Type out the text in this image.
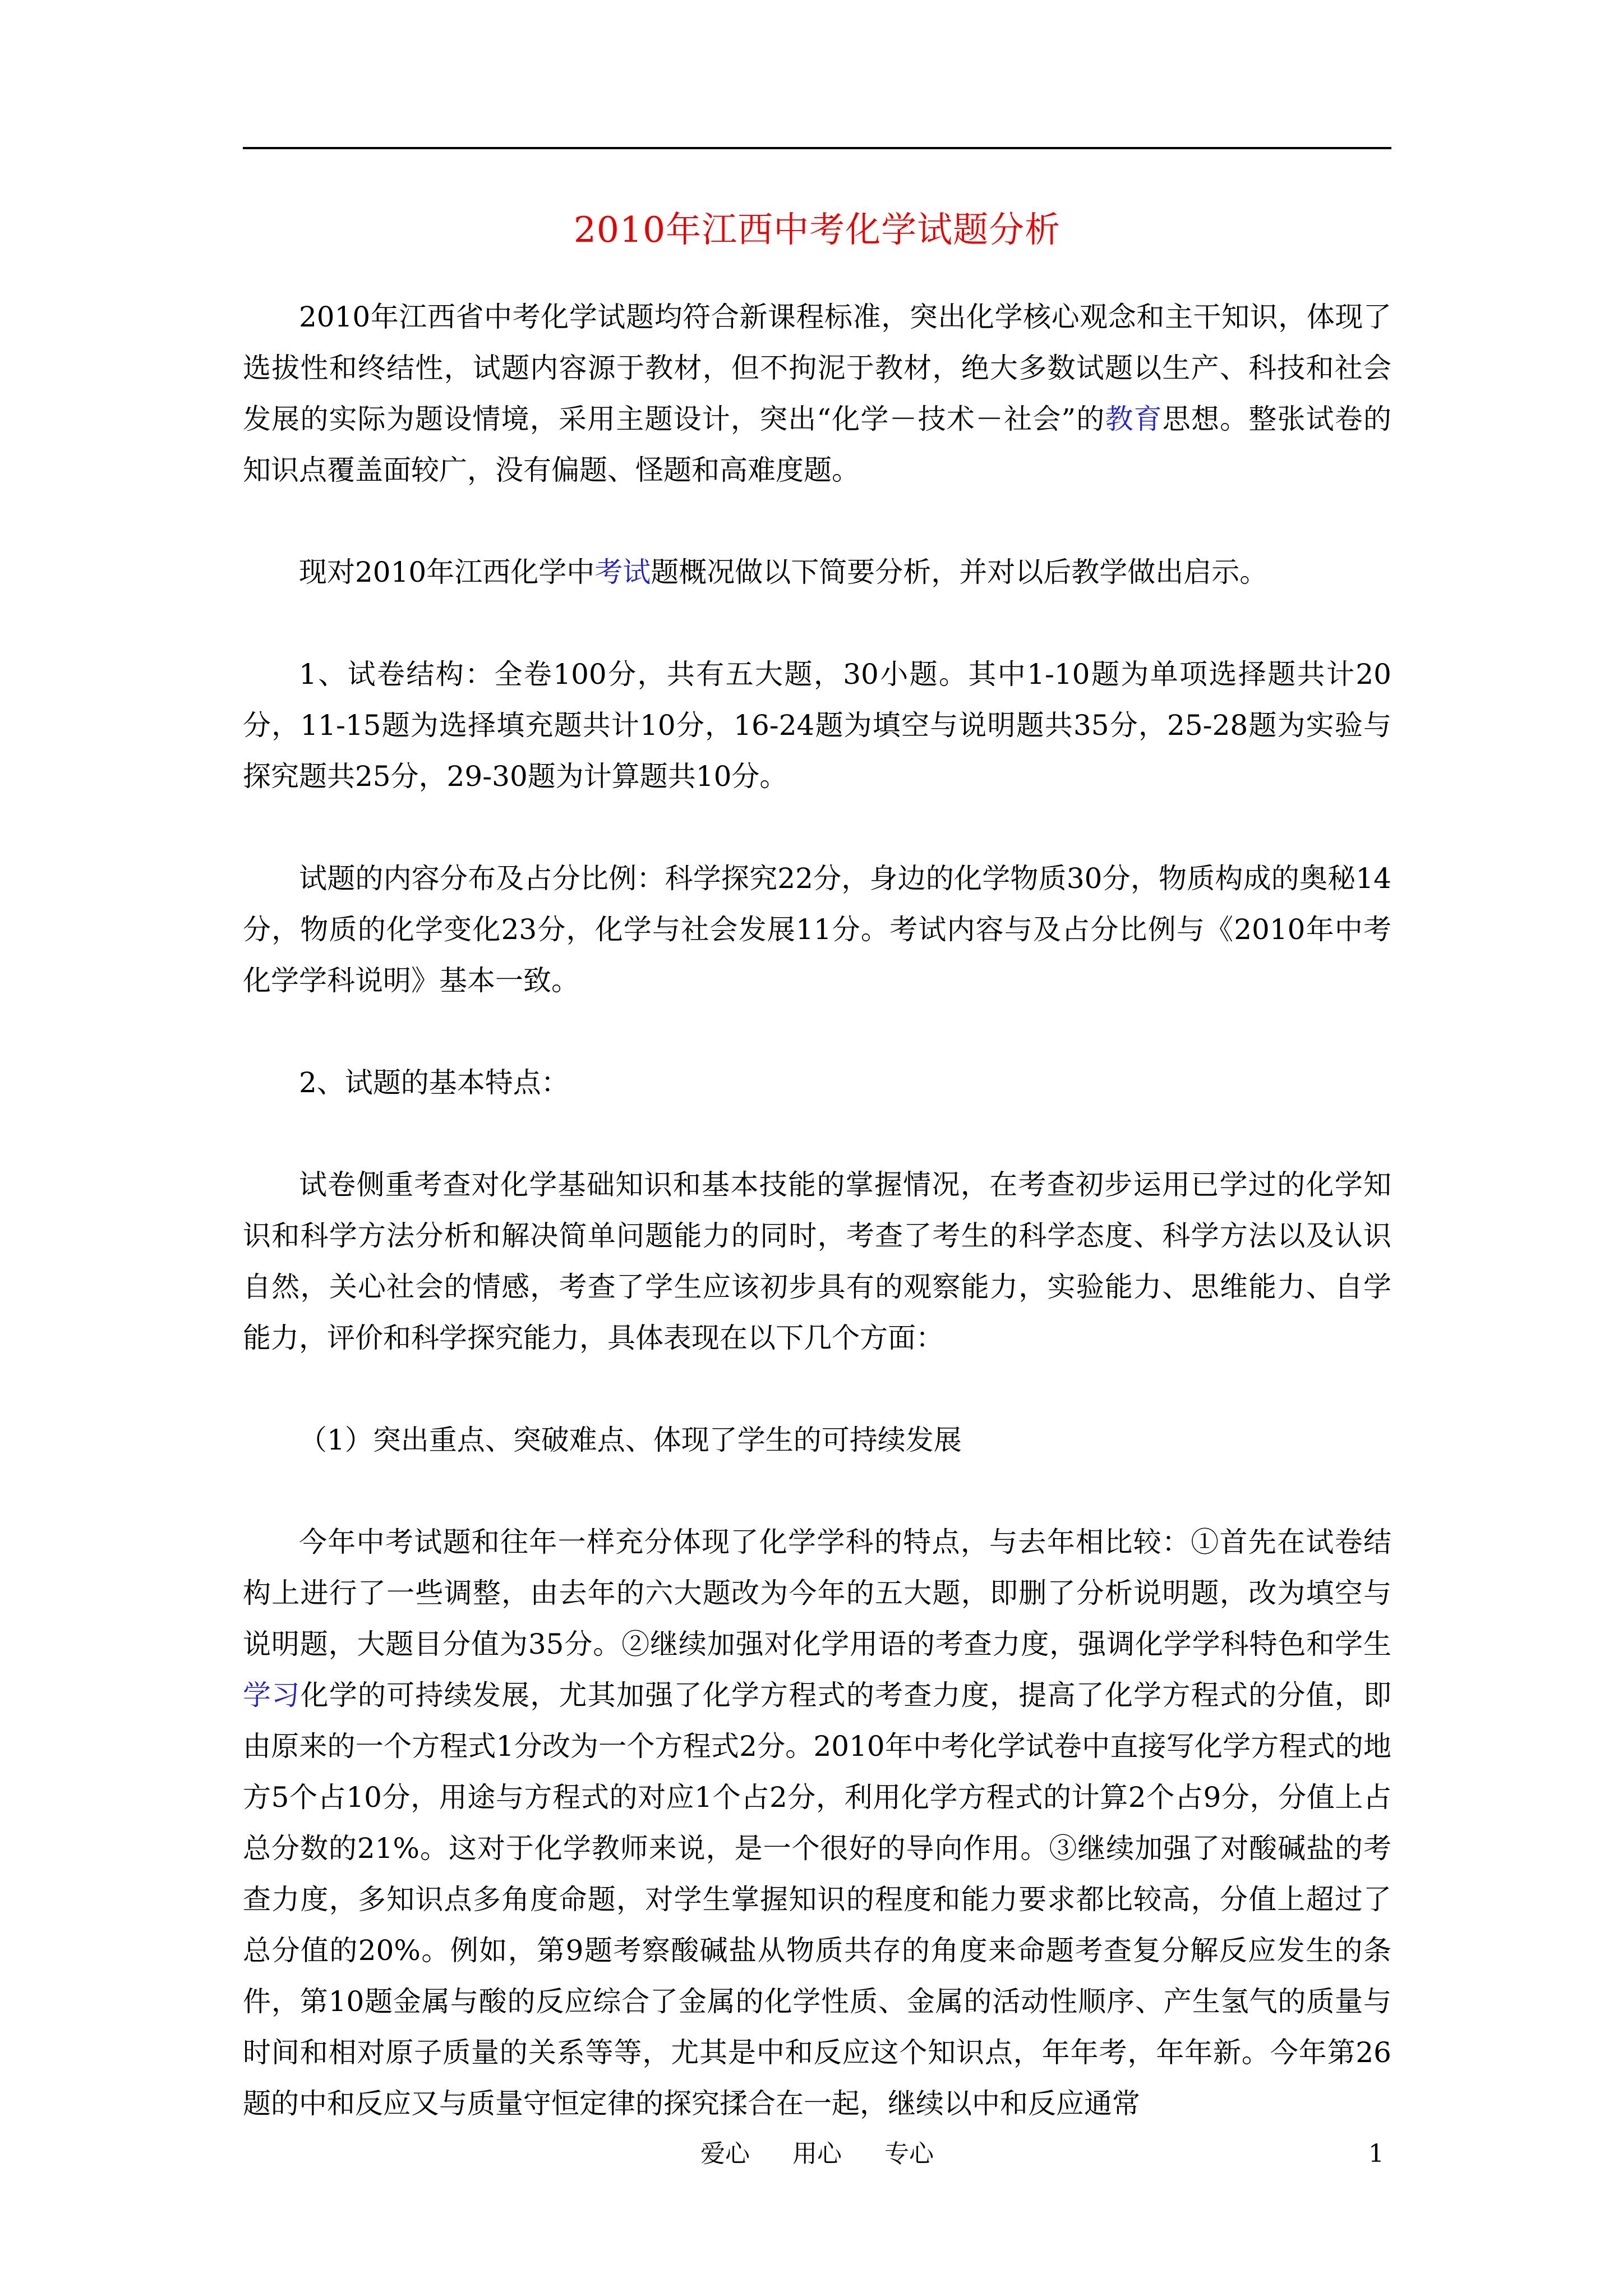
2010年江西中考化学试题分析

2010年江西省中考化学试题均符合新课程标准，突出化学核心观念和主干知识，体现了选拔性和终结性，试题内容源于教材，但不拘泥于教材，绝大多数试题以生产、科技和社会发展的实际为题设情境，采用主题设计，突出“化学－技术－社会”的教育思想。整张试卷的知识点覆盖面较广，没有偏题、怪题和高难度题。

现对2010年江西化学中考试题概况做以下简要分析，并对以后教学做出启示。

1、试卷结构：全卷100分，共有五大题，30小题。其中1-10题为单项选择题共计20分，11-15题为选择填充题共计10分，16-24题为填空与说明题共35分，25-28题为实验与探究题共25分，29-30题为计算题共10分。

试题的内容分布及占分比例：科学探究22分，身边的化学物质30分，物质构成的奥秘14分，物质的化学变化23分，化学与社会发展11分。考试内容与及占分比例与《2010年中考化学学科说明》基本一致。

2、试题的基本特点：

试卷侧重考查对化学基础知识和基本技能的掌握情况，在考查初步运用已学过的化学知识和科学方法分析和解决简单问题能力的同时，考查了考生的科学态度、科学方法以及认识自然，关心社会的情感，考查了学生应该初步具有的观察能力，实验能力、思维能力、自学能力，评价和科学探究能力，具体表现在以下几个方面：

（1）突出重点、突破难点、体现了学生的可持续发展

今年中考试题和往年一样充分体现了化学学科的特点，与去年相比较：①首先在试卷结构上进行了一些调整，由去年的六大题改为今年的五大题，即删了分析说明题，改为填空与说明题，大题目分值为35分。②继续加强对化学用语的考查力度，强调化学学科特色和学生学习化学的可持续发展，尤其加强了化学方程式的考查力度，提高了化学方程式的分值，即由原来的一个方程式1分改为一个方程式2分。2010年中考化学试卷中直接写化学方程式的地方5个占10分，用途与方程式的对应1个占2分，利用化学方程式的计算2个占9分，分值上占总分数的21%。这对于化学教师来说，是一个很好的导向作用。③继续加强了对酸碱盐的考查力度，多知识点多角度命题，对学生掌握知识的程度和能力要求都比较高，分值上超过了总分值的20%。例如，第9题考察酸碱盐从物质共存的角度来命题考查复分解反应发生的条件，第10题金属与酸的反应综合了金属的化学性质、金属的活动性顺序、产生氢气的质量与时间和相对原子质量的关系等等，尤其是中和反应这个知识点，年年考，年年新。今年第26题的中和反应又与质量守恒定律的探究揉合在一起，继续以中和反应通常

爱心 用心 专心	1
